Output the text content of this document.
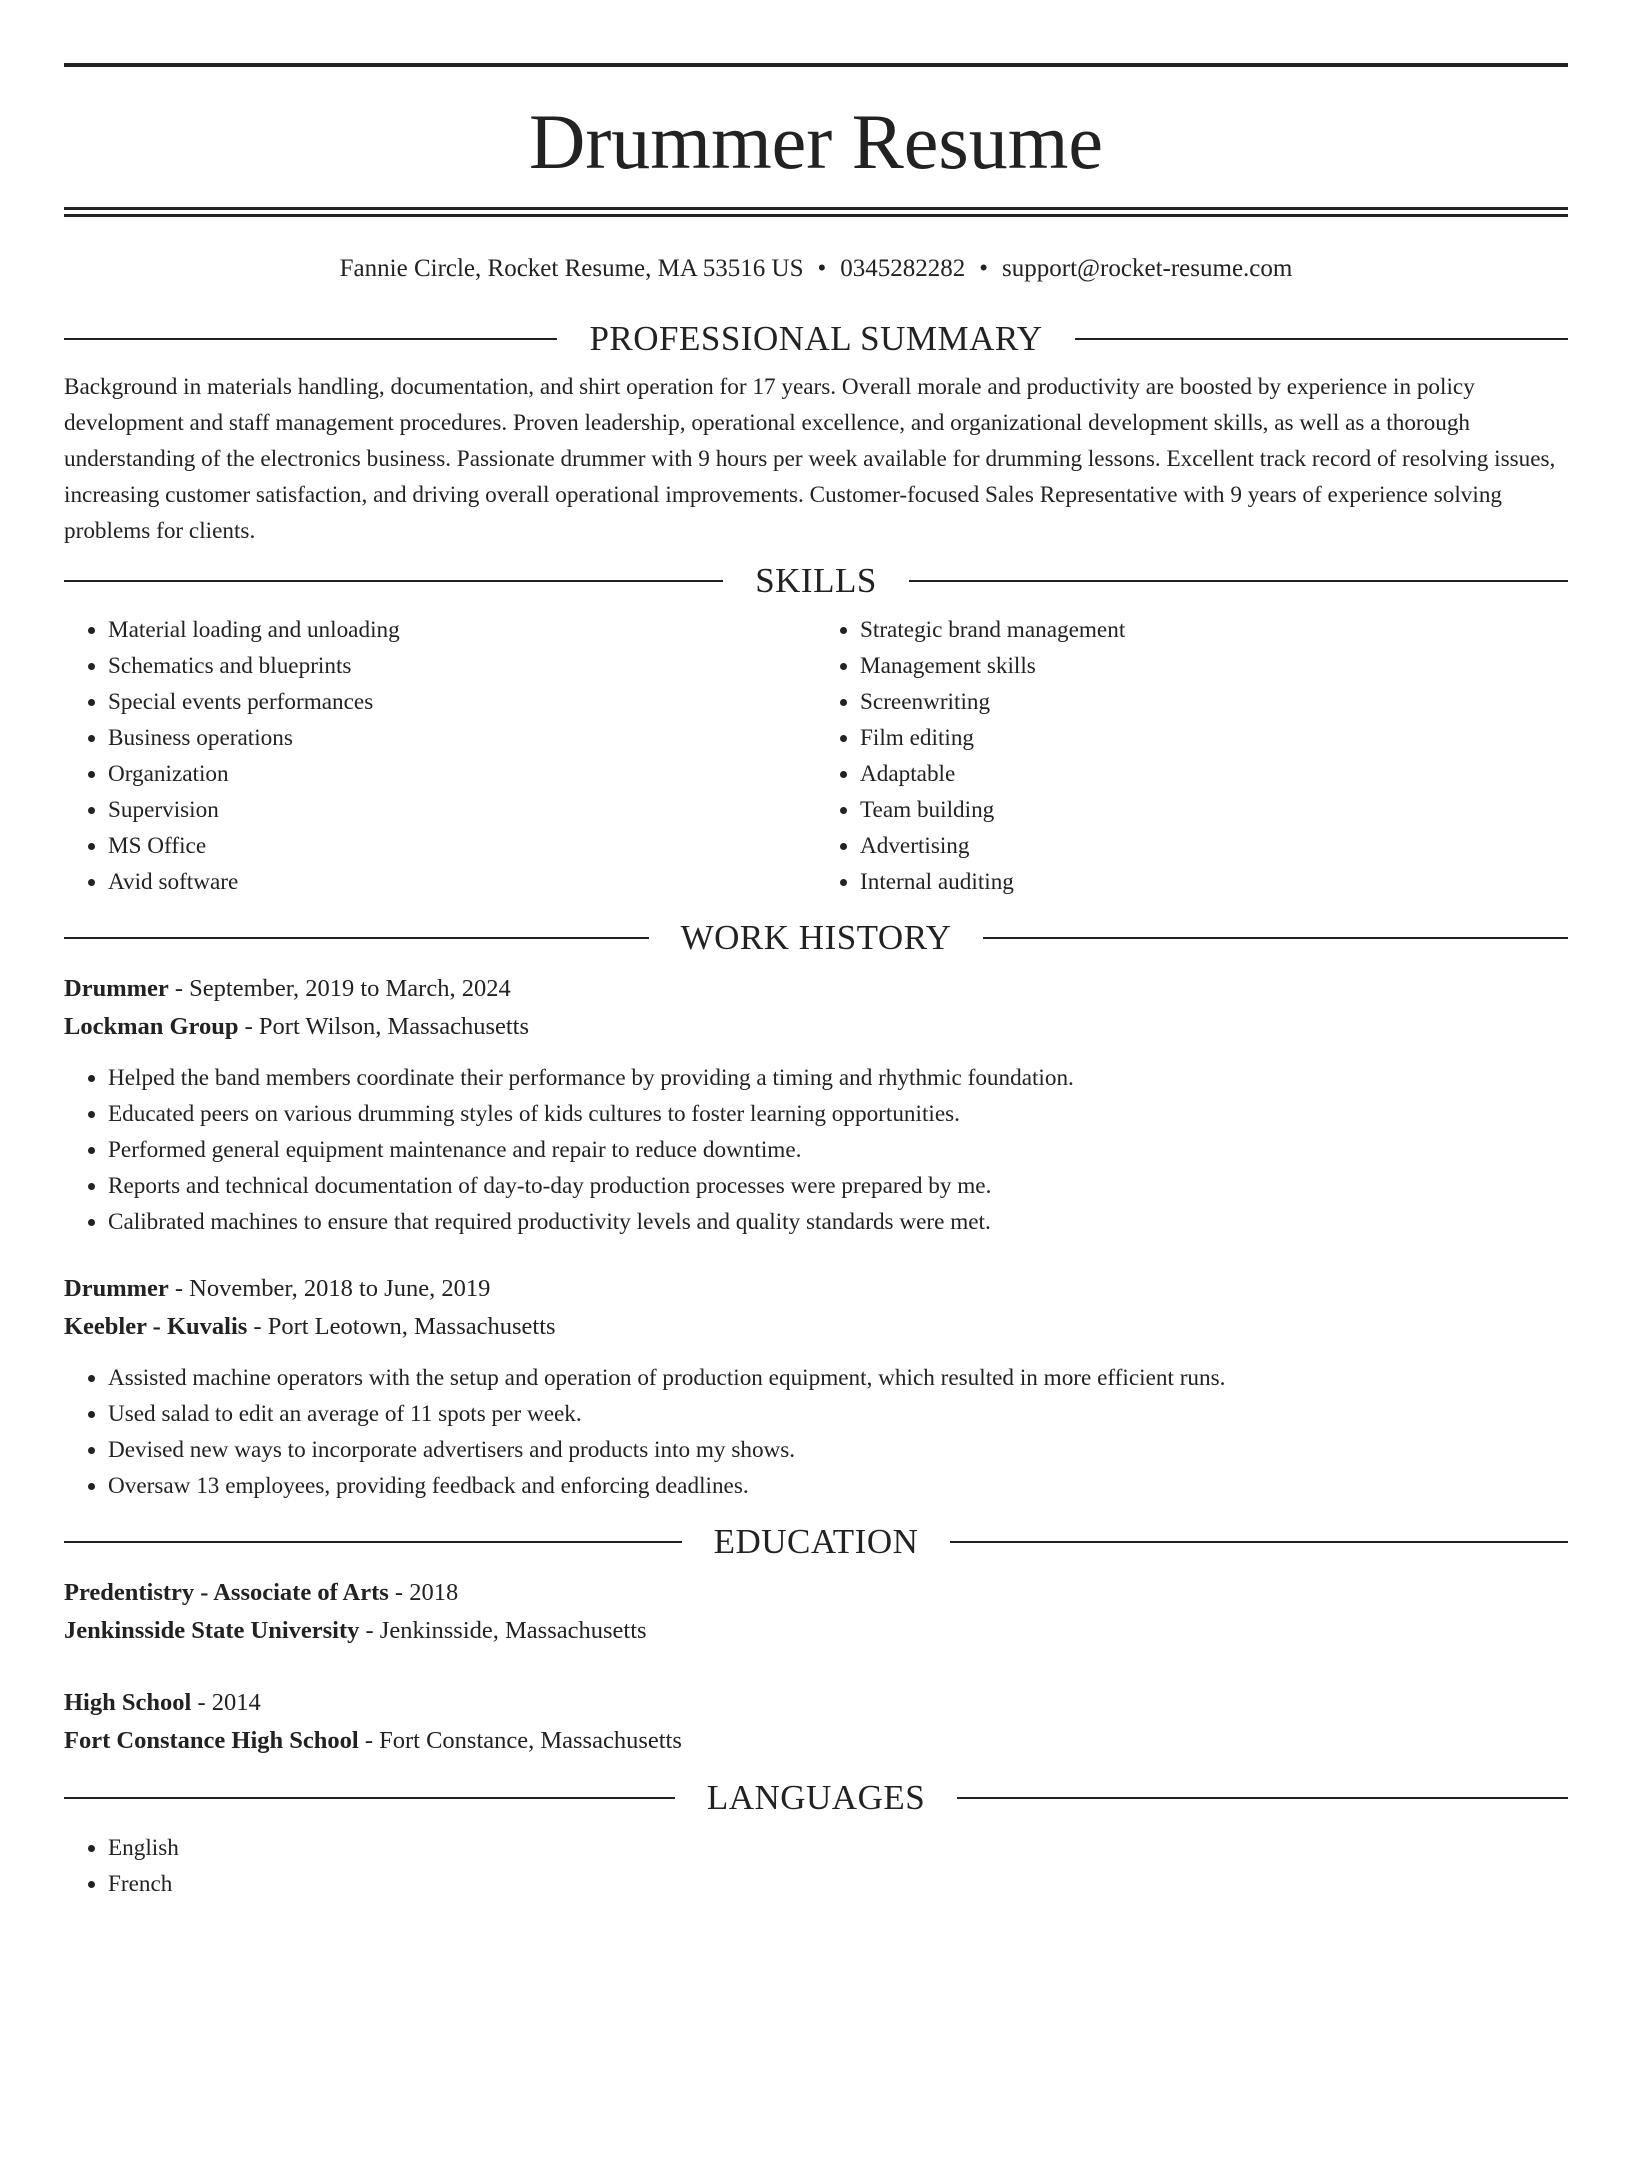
Drummer Resume
Fannie Circle, Rocket Resume, MA 53516 US • 0345282282 • support@rocket-resume.com
PROFESSIONAL SUMMARY

Background in materials handling, documentation, and shirt operation for 17 years. Overall morale and productivity are boosted by experience in policy development and staff management procedures. Proven leadership, operational excellence, and organizational development skills, as well as a thorough understanding of the electronics business. Passionate drummer with 9 hours per week available for drumming lessons. Excellent track record of resolving issues, increasing customer satisfaction, and driving overall operational improvements. Customer-focused Sales Representative with 9 years of experience solving problems for clients.

SKILLS
• Material loading and unloading
• Schematics and blueprints
• Special events performances
• Business operations
• Organization
• Supervision
• MS Office
• Avid software
• Strategic brand management
• Management skills
• Screenwriting
• Film editing
• Adaptable
• Team building
• Advertising
• Internal auditing
WORK HISTORY
Drummer - September, 2019 to March, 2024
Lockman Group - Port Wilson, Massachusetts
• Helped the band members coordinate their performance by providing a timing and rhythmic foundation.
• Educated peers on various drumming styles of kids cultures to foster learning opportunities.
• Performed general equipment maintenance and repair to reduce downtime.
• Reports and technical documentation of day-to-day production processes were prepared by me.
• Calibrated machines to ensure that required productivity levels and quality standards were met.
Drummer - November, 2018 to June, 2019
Keebler - Kuvalis - Port Leotown, Massachusetts
• Assisted machine operators with the setup and operation of production equipment, which resulted in more efficient runs.
• Used salad to edit an average of 11 spots per week.
• Devised new ways to incorporate advertisers and products into my shows.
• Oversaw 13 employees, providing feedback and enforcing deadlines.
EDUCATION
Predentistry - Associate of Arts - 2018
Jenkinsside State University - Jenkinsside, Massachusetts
High School - 2014
Fort Constance High School - Fort Constance, Massachusetts
LANGUAGES
• English
• French
